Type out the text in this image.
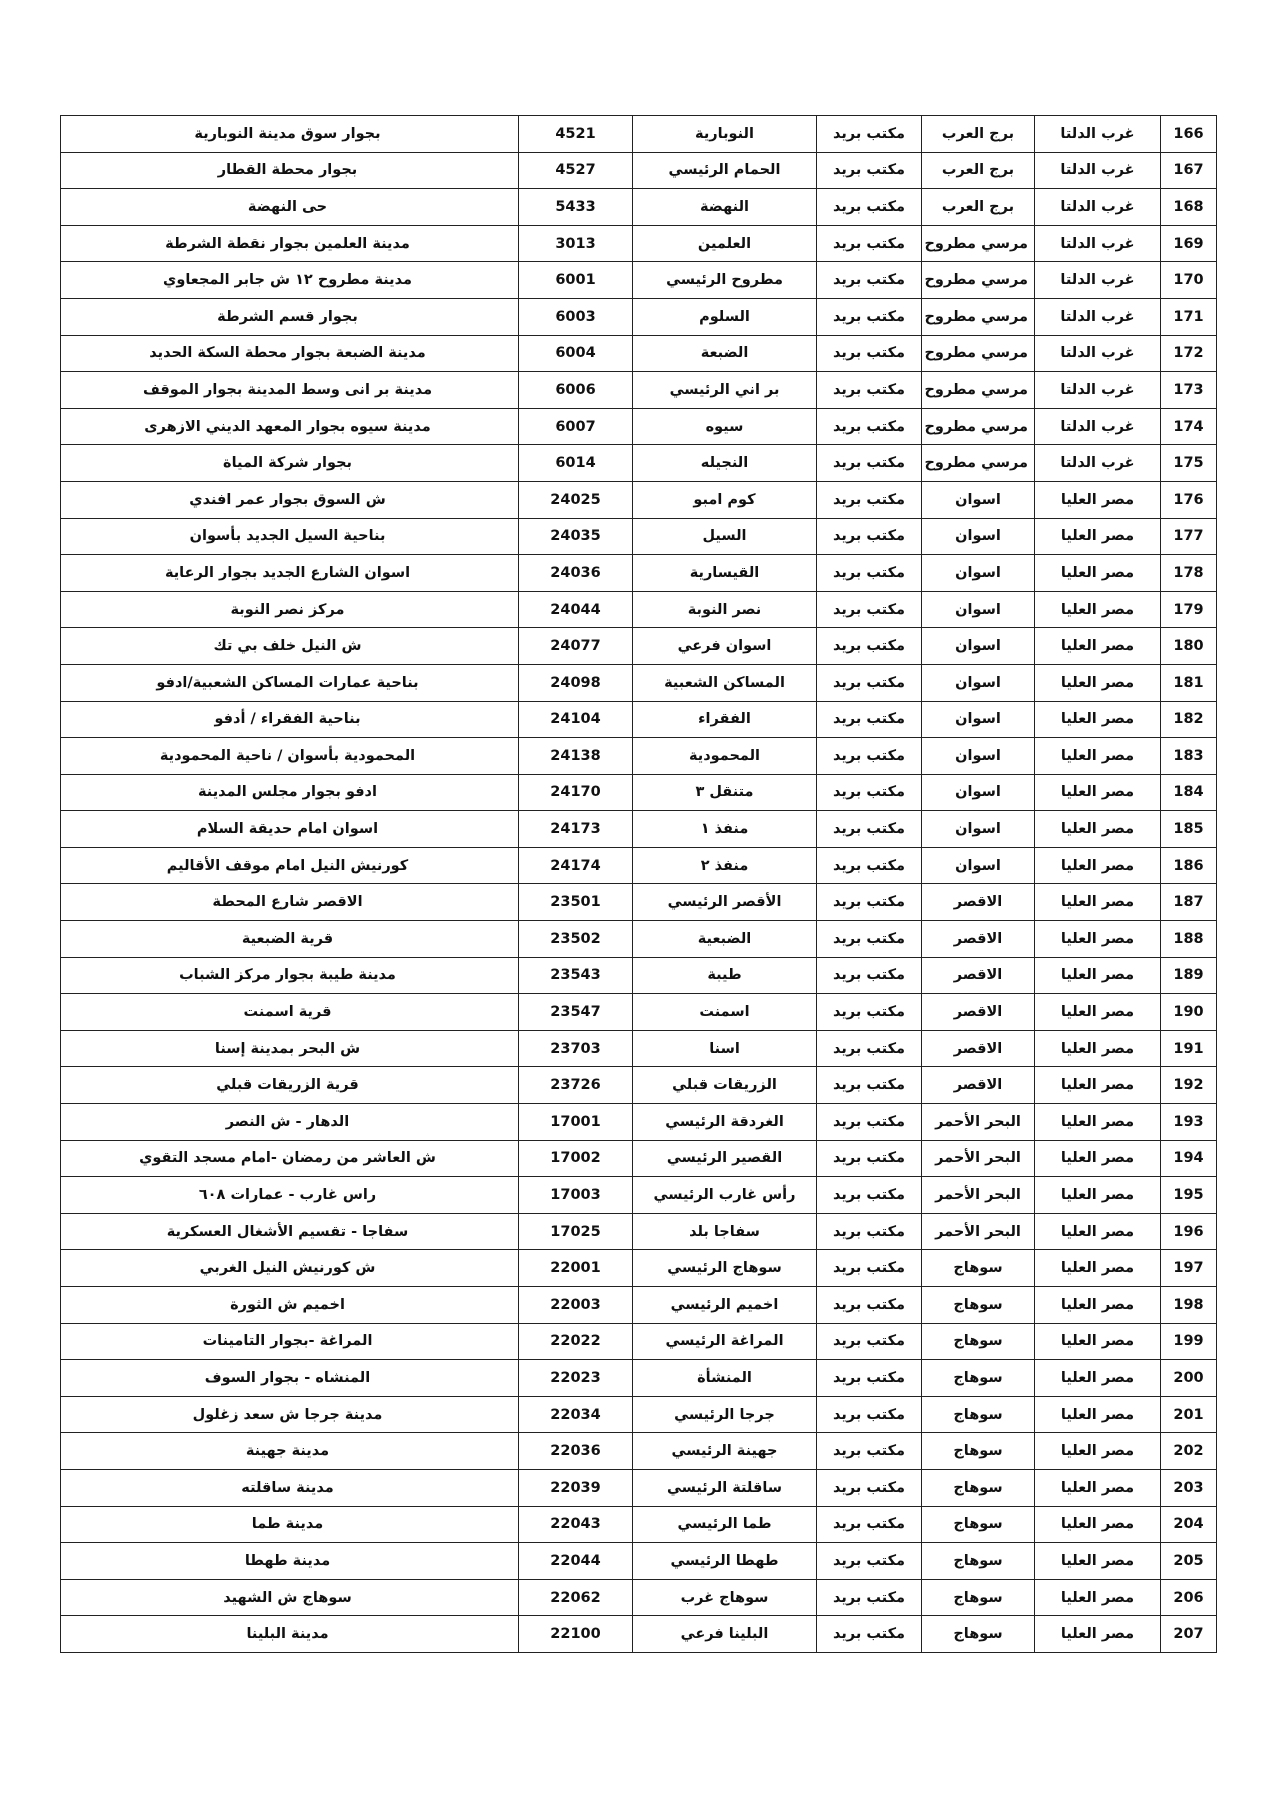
166	غرب الدلتا	برج العرب	مكتب بريد	النوبارية	4521	بجوار سوق مدينة النوبارية
167	غرب الدلتا	برج العرب	مكتب بريد	الحمام الرئيسي	4527	بجوار محطة القطار
168	غرب الدلتا	برج العرب	مكتب بريد	النهضة	5433	حى النهضة
169	غرب الدلتا	مرسي مطروح	مكتب بريد	العلمين	3013	مدينة العلمين بجوار نقطة الشرطة
170	غرب الدلتا	مرسي مطروح	مكتب بريد	مطروح الرئيسي	6001	مدينة مطروح ١٢ ش جابر المجعاوي
171	غرب الدلتا	مرسي مطروح	مكتب بريد	السلوم	6003	بجوار قسم الشرطة
172	غرب الدلتا	مرسي مطروح	مكتب بريد	الضبعة	6004	مدينة الضبعة بجوار محطة السكة الحديد
173	غرب الدلتا	مرسي مطروح	مكتب بريد	بر اني الرئيسي	6006	مدينة بر انى وسط المدينة بجوار الموقف
174	غرب الدلتا	مرسي مطروح	مكتب بريد	سيوه	6007	مدينة سيوه بجوار المعهد الديني الازهرى
175	غرب الدلتا	مرسي مطروح	مكتب بريد	النجيله	6014	بجوار شركة المياة
176	مصر العليا	اسوان	مكتب بريد	كوم امبو	24025	ش السوق بجوار عمر افندي
177	مصر العليا	اسوان	مكتب بريد	السيل	24035	بناحية السيل الجديد بأسوان
178	مصر العليا	اسوان	مكتب بريد	القيسارية	24036	اسوان الشارع الجديد بجوار الرعاية
179	مصر العليا	اسوان	مكتب بريد	نصر النوبة	24044	مركز نصر النوبة
180	مصر العليا	اسوان	مكتب بريد	اسوان فرعي	24077	ش النيل خلف بي تك
181	مصر العليا	اسوان	مكتب بريد	المساكن الشعبية	24098	بناحية عمارات المساكن الشعبية/ادفو
182	مصر العليا	اسوان	مكتب بريد	الفقراء	24104	بناحية الفقراء / أدفو
183	مصر العليا	اسوان	مكتب بريد	المحمودية	24138	المحمودية بأسوان / ناحية المحمودية
184	مصر العليا	اسوان	مكتب بريد	متنقل ٣	24170	ادفو بجوار مجلس المدينة
185	مصر العليا	اسوان	مكتب بريد	منفذ ١	24173	اسوان امام حديقة السلام
186	مصر العليا	اسوان	مكتب بريد	منفذ ٢	24174	كورنيش النيل امام موقف الأقاليم
187	مصر العليا	الاقصر	مكتب بريد	الأقصر الرئيسي	23501	الاقصر شارع المحطة
188	مصر العليا	الاقصر	مكتب بريد	الضبعية	23502	قرية الضبعية
189	مصر العليا	الاقصر	مكتب بريد	طيبة	23543	مدينة طيبة بجوار مركز الشباب
190	مصر العليا	الاقصر	مكتب بريد	اسمنت	23547	قرية اسمنت
191	مصر العليا	الاقصر	مكتب بريد	اسنا	23703	ش البحر بمدينة إسنا
192	مصر العليا	الاقصر	مكتب بريد	الزريقات قبلي	23726	قرية الزريقات قبلي
193	مصر العليا	البحر الأحمر	مكتب بريد	الغردقة الرئيسي	17001	الدهار - ش النصر
194	مصر العليا	البحر الأحمر	مكتب بريد	القصير الرئيسي	17002	ش العاشر من رمضان -امام مسجد التقوي
195	مصر العليا	البحر الأحمر	مكتب بريد	رأس غارب الرئيسي	17003	راس غارب - عمارات ٦٠٨
196	مصر العليا	البحر الأحمر	مكتب بريد	سفاجا بلد	17025	سفاجا - تقسيم الأشغال العسكرية
197	مصر العليا	سوهاج	مكتب بريد	سوهاج الرئيسي	22001	ش كورنيش النيل الغربي
198	مصر العليا	سوهاج	مكتب بريد	اخميم الرئيسي	22003	اخميم ش الثورة
199	مصر العليا	سوهاج	مكتب بريد	المراغة الرئيسي	22022	المراغة -بجوار التامينات
200	مصر العليا	سوهاج	مكتب بريد	المنشأة	22023	المنشاه - بجوار السوف
201	مصر العليا	سوهاج	مكتب بريد	جرجا الرئيسي	22034	مدينة جرجا ش سعد زغلول
202	مصر العليا	سوهاج	مكتب بريد	جهينة الرئيسي	22036	مدينة جهينة
203	مصر العليا	سوهاج	مكتب بريد	ساقلتة الرئيسي	22039	مدينة ساقلته
204	مصر العليا	سوهاج	مكتب بريد	طما الرئيسي	22043	مدينة طما
205	مصر العليا	سوهاج	مكتب بريد	طهطا الرئيسي	22044	مدينة طهطا
206	مصر العليا	سوهاج	مكتب بريد	سوهاج غرب	22062	سوهاج ش الشهيد
207	مصر العليا	سوهاج	مكتب بريد	البلينا فرعي	22100	مدينة البلينا
